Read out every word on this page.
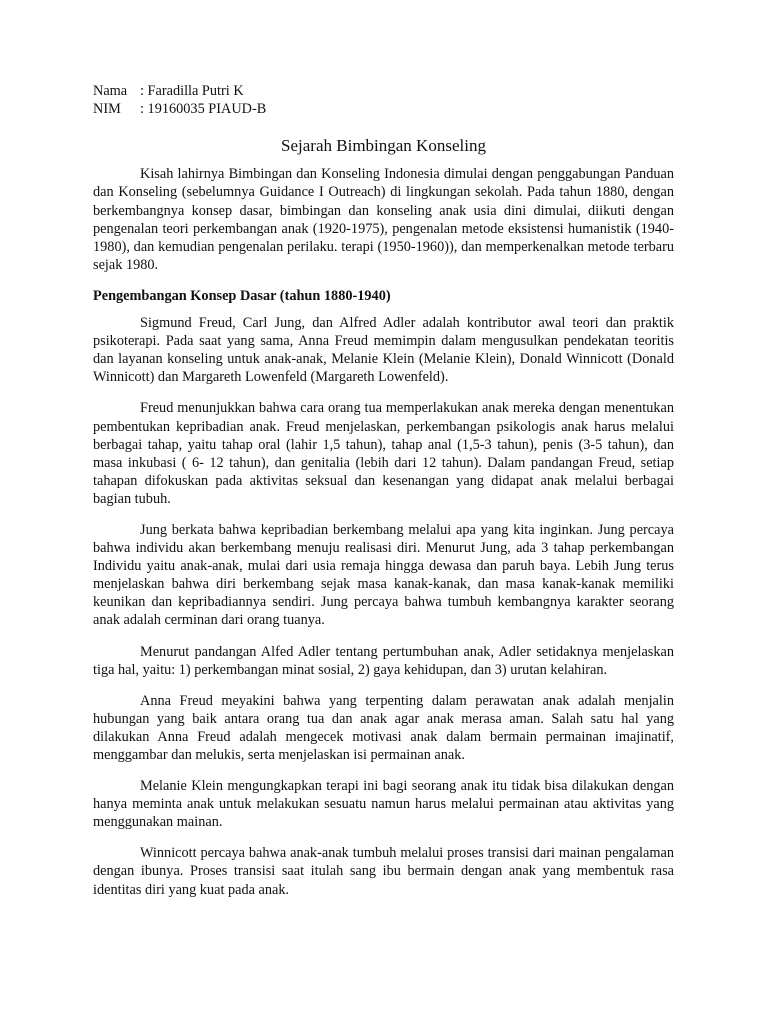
Nama : Faradilla Putri K
NIM	: 19160035 PIAUD-B
Sejarah Bimbingan Konseling

Kisah lahirnya Bimbingan dan Konseling Indonesia dimulai dengan penggabungan Panduan dan Konseling (sebelumnya Guidance I Outreach) di lingkungan sekolah. Pada tahun 1880, dengan berkembangnya konsep dasar, bimbingan dan konseling anak usia dini dimulai, diikuti dengan pengenalan teori perkembangan anak (1920-1975), pengenalan metode eksistensi humanistik (1940-1980), dan kemudian pengenalan perilaku. terapi (1950-1960)), dan memperkenalkan metode terbaru sejak 1980.

Pengembangan Konsep Dasar (tahun 1880-1940)

Sigmund Freud, Carl Jung, dan Alfred Adler adalah kontributor awal teori dan praktik psikoterapi. Pada saat yang sama, Anna Freud memimpin dalam mengusulkan pendekatan teoritis dan layanan konseling untuk anak-anak, Melanie Klein (Melanie Klein), Donald Winnicott (Donald Winnicott) dan Margareth Lowenfeld (Margareth Lowenfeld).

Freud menunjukkan bahwa cara orang tua memperlakukan anak mereka dengan menentukan pembentukan kepribadian anak. Freud menjelaskan, perkembangan psikologis anak harus melalui berbagai tahap, yaitu tahap oral (lahir 1,5 tahun), tahap anal (1,5-3 tahun), penis (3-5 tahun), dan masa inkubasi ( 6- 12 tahun), dan genitalia (lebih dari 12 tahun). Dalam pandangan Freud, setiap tahapan difokuskan pada aktivitas seksual dan kesenangan yang didapat anak melalui berbagai bagian tubuh.

Jung berkata bahwa kepribadian berkembang melalui apa yang kita inginkan. Jung percaya bahwa individu akan berkembang menuju realisasi diri. Menurut Jung, ada 3 tahap perkembangan Individu yaitu anak-anak, mulai dari usia remaja hingga dewasa dan paruh baya. Lebih Jung terus menjelaskan bahwa diri berkembang sejak masa kanak-kanak, dan masa kanak-kanak memiliki keunikan dan kepribadiannya sendiri. Jung percaya bahwa tumbuh kembangnya karakter seorang anak adalah cerminan dari orang tuanya.

Menurut pandangan Alfed Adler tentang pertumbuhan anak, Adler setidaknya menjelaskan tiga hal, yaitu: 1) perkembangan minat sosial, 2) gaya kehidupan, dan 3) urutan kelahiran.

Anna Freud meyakini bahwa yang terpenting dalam perawatan anak adalah menjalin hubungan yang baik antara orang tua dan anak agar anak merasa aman. Salah satu hal yang dilakukan Anna Freud adalah mengecek motivasi anak dalam bermain permainan imajinatif, menggambar dan melukis, serta menjelaskan isi permainan anak.

Melanie Klein mengungkapkan terapi ini bagi seorang anak itu tidak bisa dilakukan dengan hanya meminta anak untuk melakukan sesuatu namun harus melalui permainan atau aktivitas yang menggunakan mainan.

Winnicott percaya bahwa anak-anak tumbuh melalui proses transisi dari mainan pengalaman dengan ibunya. Proses transisi saat itulah sang ibu bermain dengan anak yang membentuk rasa identitas diri yang kuat pada anak.
